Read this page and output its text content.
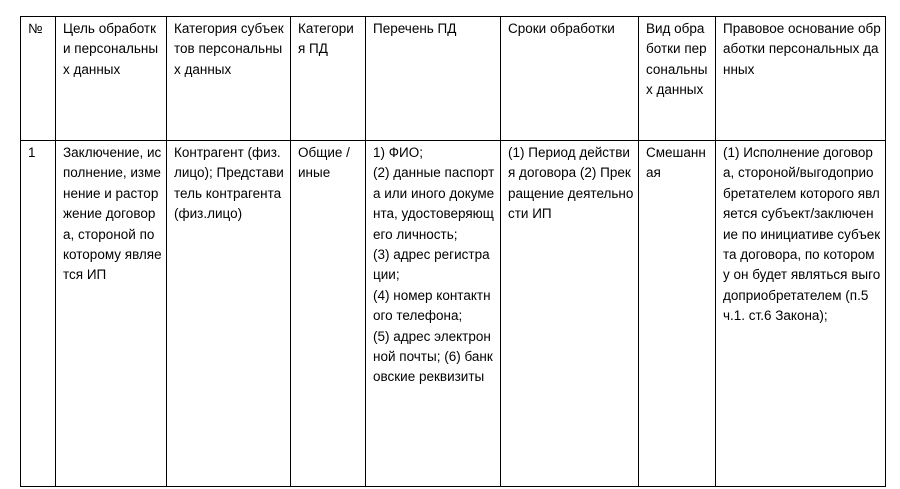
№	Цель обработки персональных данных	Категория субъектов персональных данных	Категория ПД	Перечень ПД	Сроки обработки	Вид обработки персональных данных	Правовое основание обработки персональных данных

1	Заключение, исполнение, изменение и расторжение договора, стороной по которому является ИП	Контрагент (физ. лицо); Представитель контрагента (физ.лицо)	Общие / иные	1) ФИО;
(2) данные паспорта или иного документа, удостоверяющего личность;
(3) адрес регистрации;
(4) номер контактного телефона;
(5) адрес электронной почты; (6) банковские реквизиты	(1) Период действия договора (2) Прекращение деятельности ИП	Смешанная	(1) Исполнение договора, стороной/выгодоприобретателем которого является субъект/заключение по инициативе субъекта договора, по которому он будет являться выгодоприобретателем (п.5 ч.1. ст.6 Закона);
